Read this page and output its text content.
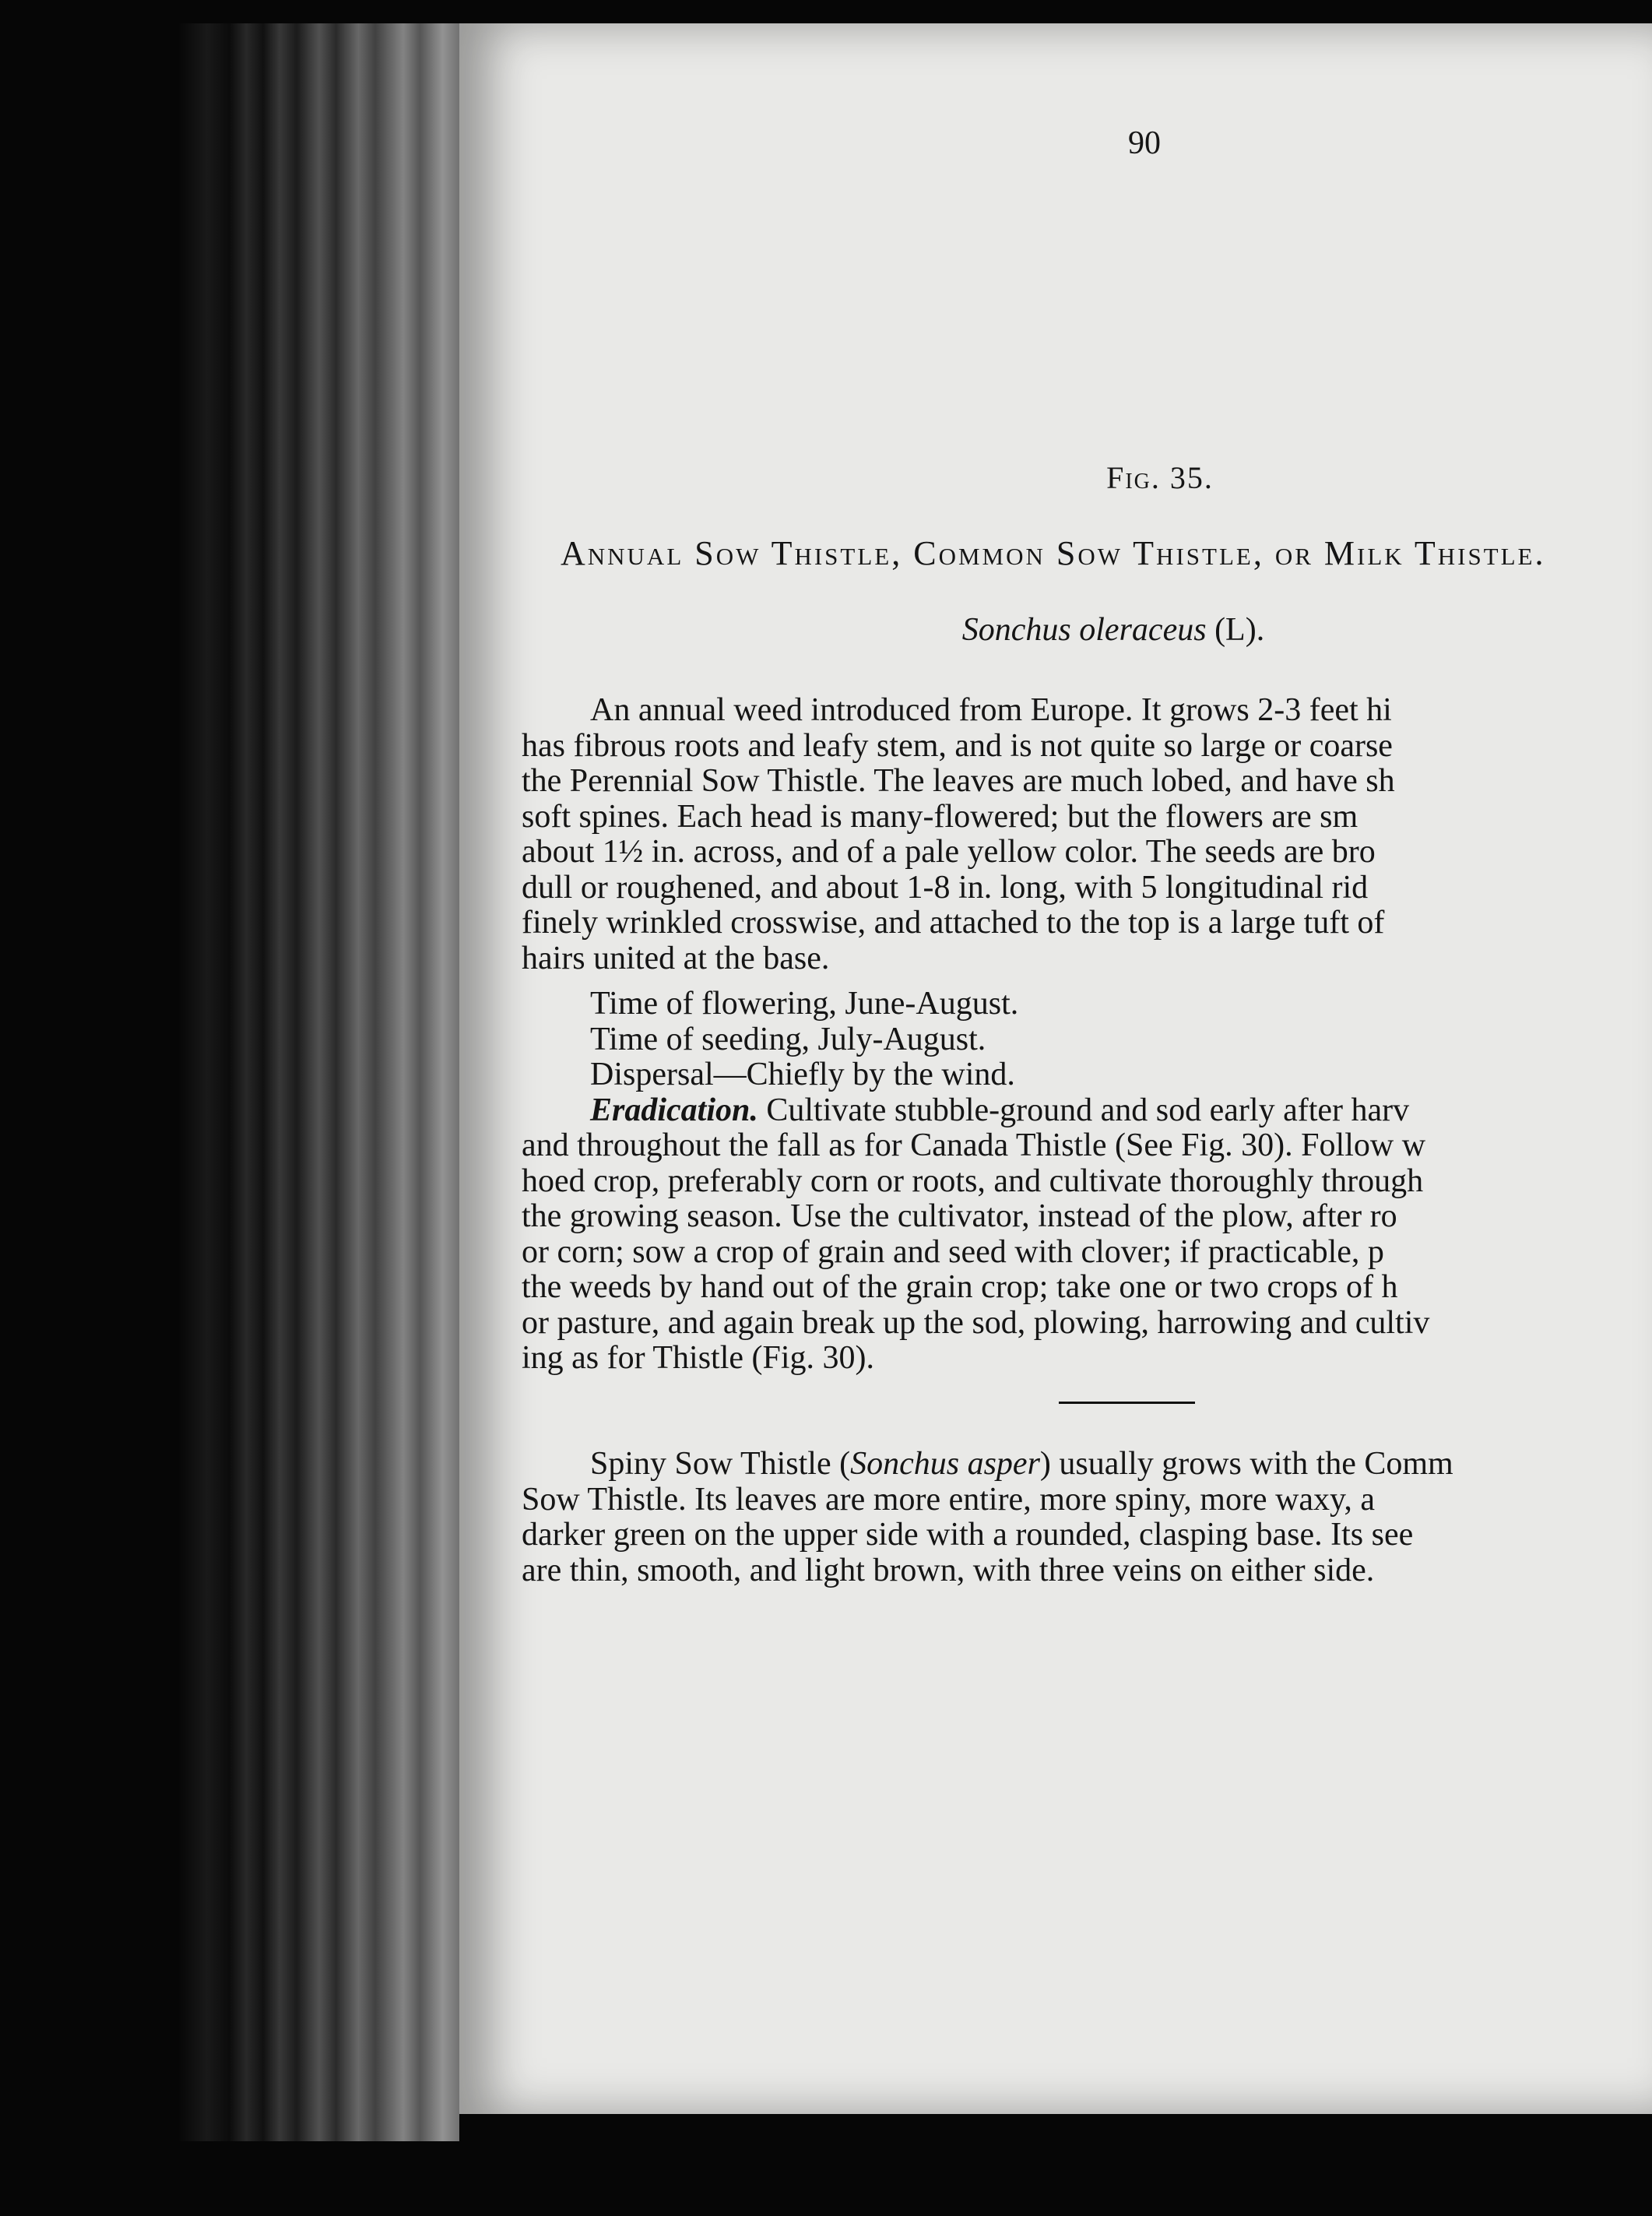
90
Fig. 35.
Annual Sow Thistle, Common Sow Thistle, or Milk Thistle.
Sonchus oleraceus (L).
An annual weed introduced from Europe. It grows 2-3 feet hi
has fibrous roots and leafy stem, and is not quite so large or coarse
the Perennial Sow Thistle. The leaves are much lobed, and have sh
soft spines. Each head is many-flowered; but the flowers are sm
about 1½ in. across, and of a pale yellow color. The seeds are bro
dull or roughened, and about 1-8 in. long, with 5 longitudinal rid
finely wrinkled crosswise, and attached to the top is a large tuft of
hairs united at the base.
Time of flowering, June-August.
Time of seeding, July-August.
Dispersal—Chiefly by the wind.
Eradication. Cultivate stubble-ground and sod early after harv
and throughout the fall as for Canada Thistle (See Fig. 30). Follow w
hoed crop, preferably corn or roots, and cultivate thoroughly through
the growing season. Use the cultivator, instead of the plow, after ro
or corn; sow a crop of grain and seed with clover; if practicable, p
the weeds by hand out of the grain crop; take one or two crops of h
or pasture, and again break up the sod, plowing, harrowing and cultiv
ing as for Thistle (Fig. 30).
Spiny Sow Thistle (Sonchus asper) usually grows with the Comm
Sow Thistle. Its leaves are more entire, more spiny, more waxy, a
darker green on the upper side with a rounded, clasping base. Its see
are thin, smooth, and light brown, with three veins on either side.
